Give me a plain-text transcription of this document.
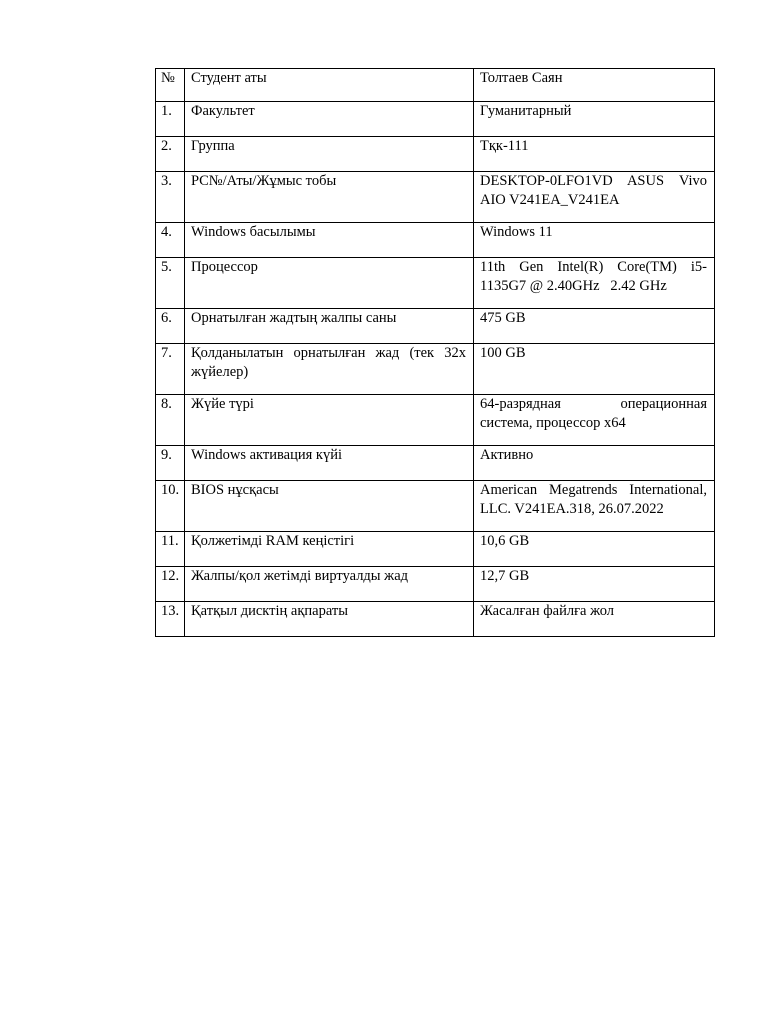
№	Студент аты	Толтаев Саян
1.	Факультет	Гуманитарный
2.	Группа	Тқк-111
3.	PC№/Аты/Жұмыс тобы	DESKTOP-0LFO1VD ASUS Vivo AIO V241EA_V241EA
4.	Windows басылымы	Windows 11
5.	Процессор	11th Gen Intel(R) Core(TM) i5-1135G7 @ 2.40GHz   2.42 GHz
6.	Орнатылған жадтың жалпы саны	475 GB
7.	Қолданылатын орнатылған жад (тек 32х жүйелер)	100 GB
8.	Жүйе түрі	64-разрядная операционная
система, процессор x64

9.	Windows активация күйі	Активно
10.	BIOS нұсқасы	American Megatrends International, LLC. V241EA.318, 26.07.2022
11.	Қолжетімді RAM кеңістігі	10,6 GB
12.	Жалпы/қол жетімді виртуалды жад	12,7 GB
13.	Қатқыл дисктің ақпараты	Жасалған файлға жол
